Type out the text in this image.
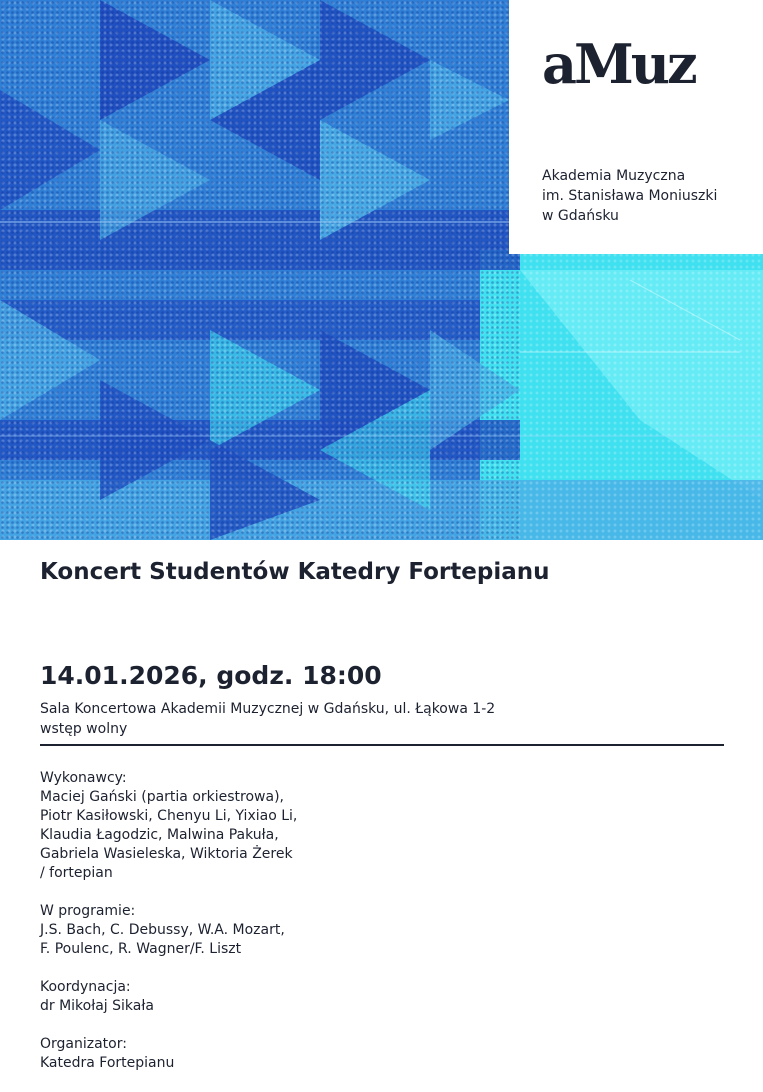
aMuz
Akademia Muzyczna
im. Stanisława Moniuszki
w Gdańsku
Koncert Studentów Katedry Fortepianu
14.01.2026, godz. 18:00
Sala Koncertowa Akademii Muzycznej w Gdańsku, ul. Łąkowa 1-2
wstęp wolny
Wykonawcy:
Maciej Gański (partia orkiestrowa),
Piotr Kasiłowski, Chenyu Li, Yixiao Li,
Klaudia Łagodzic, Malwina Pakuła,
Gabriela Wasieleska, Wiktoria Żerek
/ fortepian
W programie:
J.S. Bach, C. Debussy, W.A. Mozart,
F. Poulenc, R. Wagner/F. Liszt
Koordynacja:
dr Mikołaj Sikała
Organizator:
Katedra Fortepianu
